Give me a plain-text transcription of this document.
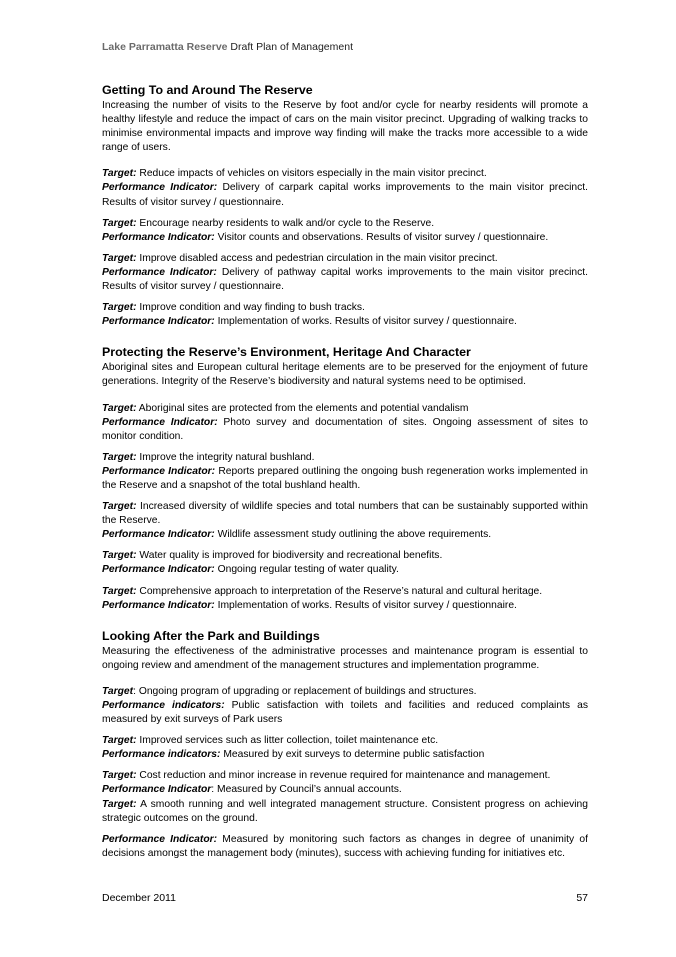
Lake Parramatta Reserve Draft Plan of Management
Getting To and Around The Reserve

Increasing the number of visits to the Reserve by foot and/or cycle for nearby residents will promote a healthy lifestyle and reduce the impact of cars on the main visitor precinct. Upgrading of walking tracks to minimise environmental impacts and improve way finding will make the tracks more accessible to a wide range of users.

Target: Reduce impacts of vehicles on visitors especially in the main visitor precinct.

Performance Indicator: Delivery of carpark capital works improvements to the main visitor precinct. Results of visitor survey / questionnaire.

Target: Encourage nearby residents to walk and/or cycle to the Reserve.

Performance Indicator: Visitor counts and observations. Results of visitor survey / questionnaire.

Target: Improve disabled access and pedestrian circulation in the main visitor precinct.

Performance Indicator: Delivery of pathway capital works improvements to the main visitor precinct. Results of visitor survey / questionnaire.

Target: Improve condition and way finding to bush tracks.

Performance Indicator: Implementation of works. Results of visitor survey / questionnaire.

Protecting the Reserve’s Environment, Heritage And Character

Aboriginal sites and European cultural heritage elements are to be preserved for the enjoyment of future generations. Integrity of the Reserve’s biodiversity and natural systems need to be optimised.

Target: Aboriginal sites are protected from the elements and potential vandalism

Performance Indicator: Photo survey and documentation of sites. Ongoing assessment of sites to monitor condition.

Target: Improve the integrity natural bushland.

Performance Indicator: Reports prepared outlining the ongoing bush regeneration works implemented in the Reserve and a snapshot of the total bushland health.

Target: Increased diversity of wildlife species and total numbers that can be sustainably supported within the Reserve.

Performance Indicator: Wildlife assessment study outlining the above requirements.

Target: Water quality is improved for biodiversity and recreational benefits.

Performance Indicator: Ongoing regular testing of water quality.

Target: Comprehensive approach to interpretation of the Reserve’s natural and cultural heritage.

Performance Indicator: Implementation of works. Results of visitor survey / questionnaire.

Looking After the Park and Buildings

Measuring the effectiveness of the administrative processes and maintenance program is essential to ongoing review and amendment of the management structures and implementation programme.

Target: Ongoing program of upgrading or replacement of buildings and structures.

Performance indicators: Public satisfaction with toilets and facilities and reduced complaints as measured by exit surveys of Park users

Target: Improved services such as litter collection, toilet maintenance etc.

Performance indicators: Measured by exit surveys to determine public satisfaction

Target: Cost reduction and minor increase in revenue required for maintenance and management.

Performance Indicator: Measured by Council’s annual accounts.

Target: A smooth running and well integrated management structure. Consistent progress on achieving strategic outcomes on the ground.

Performance Indicator: Measured by monitoring such factors as changes in degree of unanimity of decisions amongst the management body (minutes), success with achieving funding for initiatives etc.

December 2011	57
